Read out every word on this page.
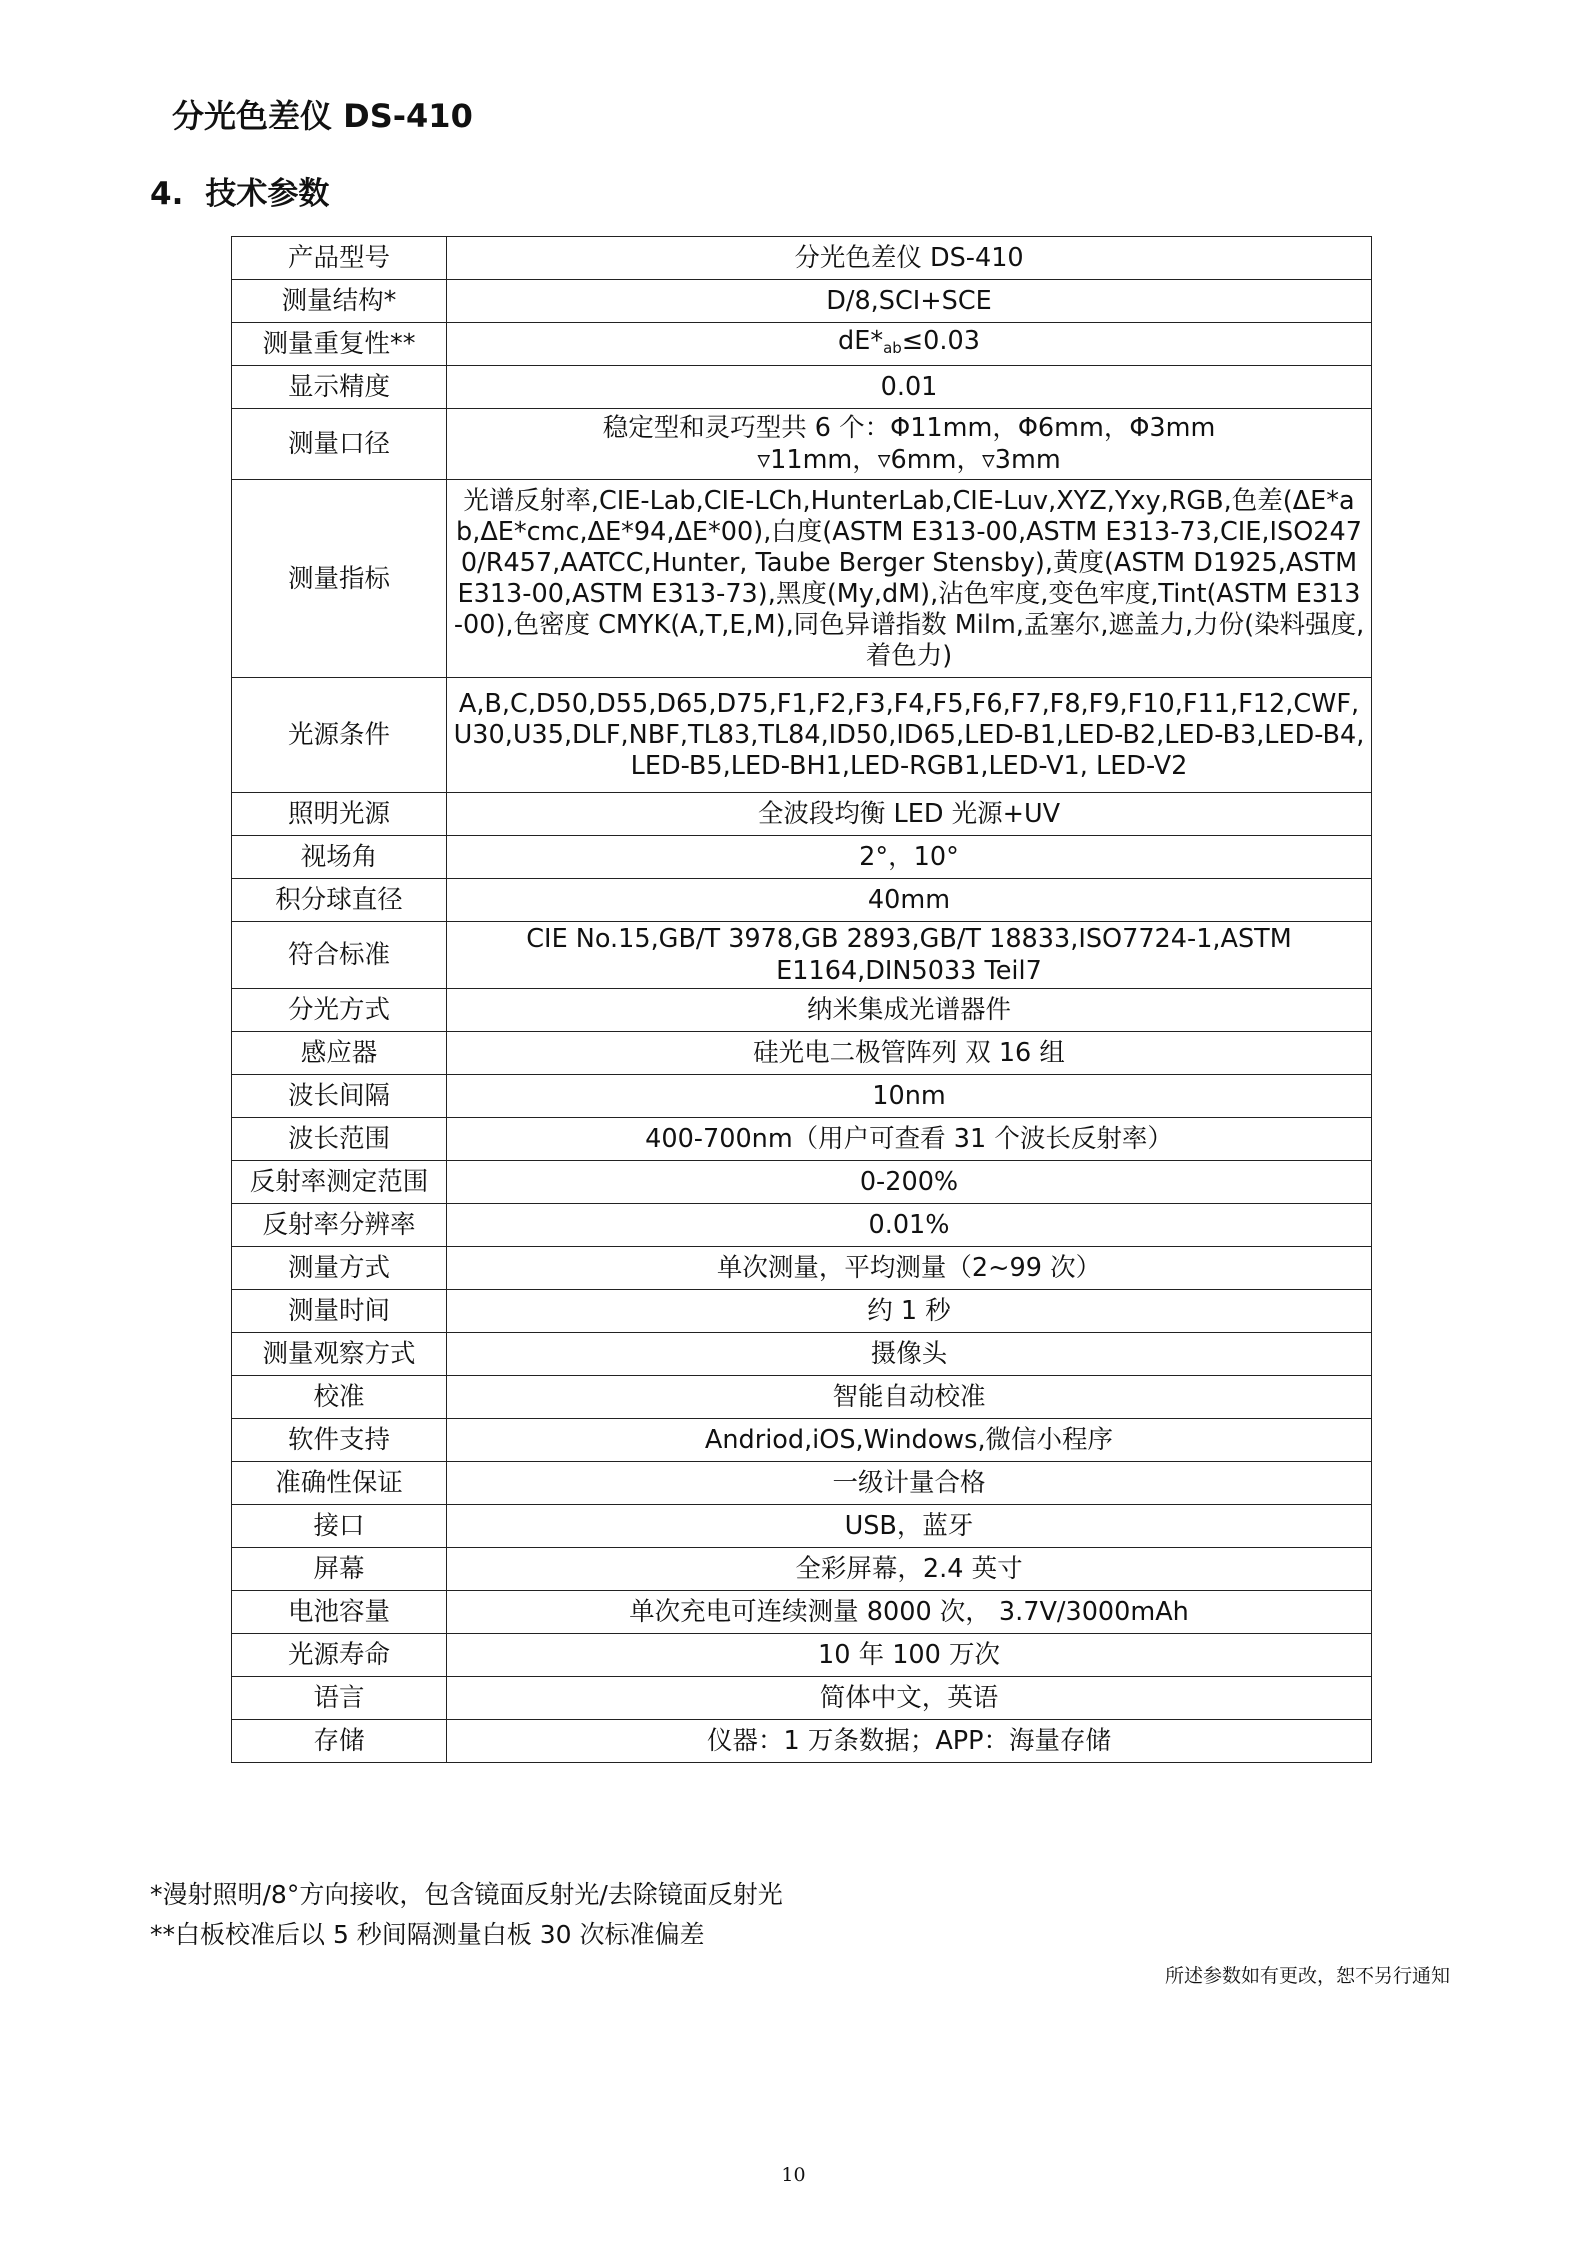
分光色差仪 DS-410
4. 技术参数
产品型号	分光色差仪 DS-410
测量结构*	D/8,SCI+SCE
测量重复性**	$dE*_{ab}\le 0.03$
显示精度	0.01
测量口径	稳定型和灵巧型共 6 个：Φ11mm，Φ6mm，Φ3mm
▿11mm，▿6mm，▿3mm

测量指标	光谱反射率,CIE-Lab,CIE-LCh,HunterLab,CIE-Luv,XYZ,Yxy,RGB,色差(ΔE*ab,ΔE*cmc,ΔE*94,ΔE*00),白度(ASTM E313-00,ASTM E313-73,CIE,ISO2470/R457,AATCC,Hunter, Taube Berger Stensby),黄度(ASTM D1925,ASTM E313-00,ASTM E313-73),黑度(My,dM),沾色牢度,变色牢度,Tint(ASTM E313-00),色密度 CMYK(A,T,E,M),同色异谱指数 Milm,孟塞尔,遮盖力,力份(染料强度,着色力)
光源条件	A,B,C,D50,D55,D65,D75,F1,F2,F3,F4,F5,F6,F7,F8,F9,F10,F11,F12,CWF,U30,U35,DLF,NBF,TL83,TL84,ID50,ID65,LED-B1,LED-B2,LED-B3,LED-B4,LED-B5,LED-BH1,LED-RGB1,LED-V1, LED-V2
照明光源	全波段均衡 LED 光源+UV
视场角	2°，10°
积分球直径	40mm
符合标准	CIE No.15,GB/T 3978,GB 2893,GB/T 18833,ISO7724-1,ASTM
E1164,DIN5033 Teil7

分光方式	纳米集成光谱器件
感应器	硅光电二极管阵列 双 16 组
波长间隔	10nm
波长范围	400-700nm（用户可查看 31 个波长反射率）
反射率测定范围	0-200%
反射率分辨率	0.01%
测量方式	单次测量，平均测量（2~99 次）
测量时间	约 1 秒
测量观察方式	摄像头
校准	智能自动校准
软件支持	Andriod,iOS,Windows,微信小程序
准确性保证	一级计量合格
接口	USB，蓝牙
屏幕	全彩屏幕，2.4 英寸
电池容量	单次充电可连续测量 8000 次， 3.7V/3000mAh
光源寿命	10 年 100 万次
语言	简体中文，英语
存储	仪器：1 万条数据；APP：海量存储

*漫射照明/8°方向接收，包含镜面反射光/去除镜面反射光

**白板校准后以 5 秒间隔测量白板 30 次标准偏差

所述参数如有更改，恕不另行通知
10
